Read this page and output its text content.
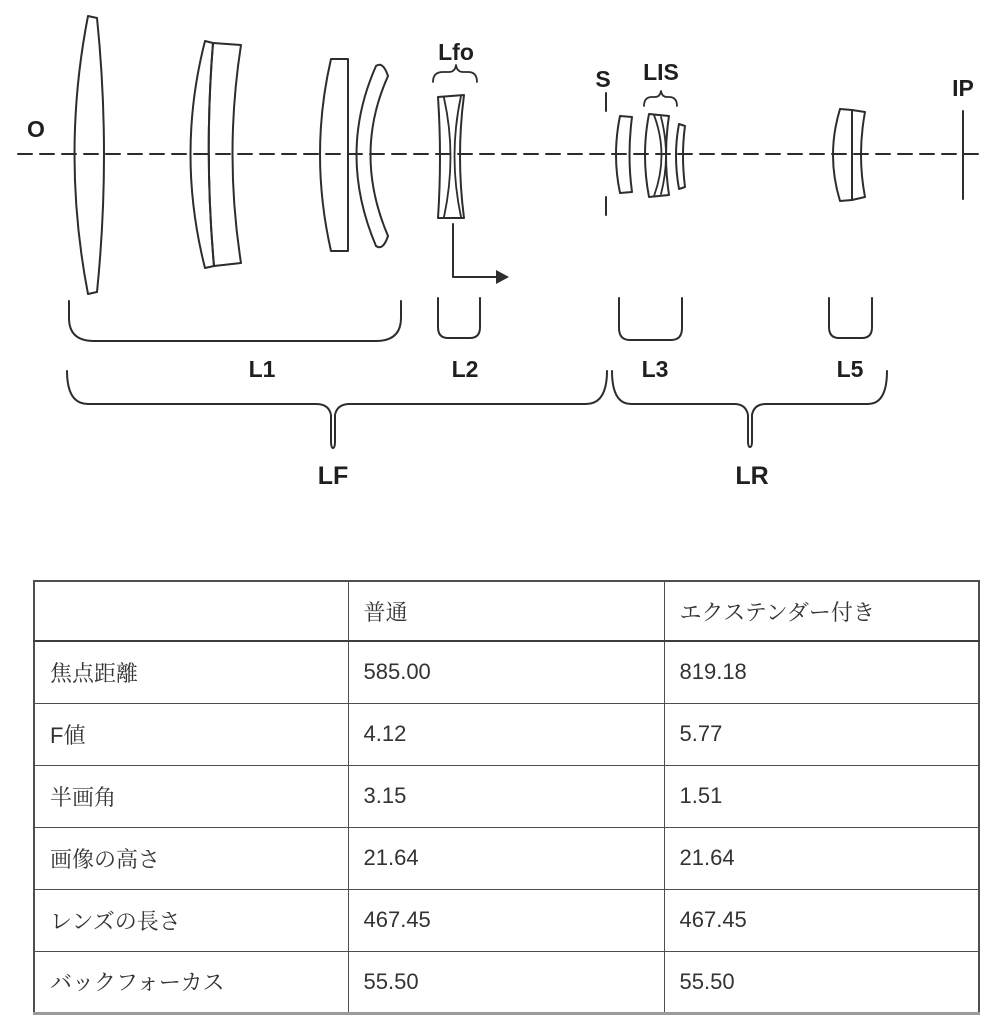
O
Lfo
S LIS
IP
L1	L2	L3	L5
LF	LR
	普通	エクステンダー付き
焦点距離	585.00	819.18
F値	4.12	5.77
半画角	3.15	1.51
画像の高さ	21.64	21.64
レンズの長さ	467.45	467.45
バックフォーカス	55.50	55.50
